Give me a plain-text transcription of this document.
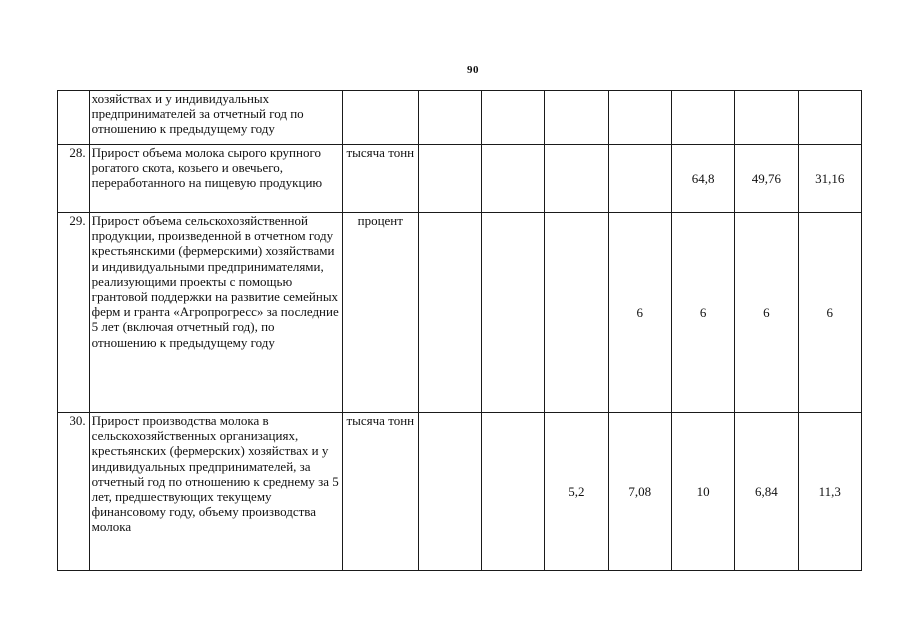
90
	хозяйствах и у индивидуальных предпринимателей за отчетный год по отношению к предыдущему году								
28.	Прирост объема молока сырого крупного рогатого скота, козьего и овечьего, переработанного на пищевую продукцию	тысяча тонн					64,8	49,76	31,16
29.	Прирост объема сельскохозяйственной продукции, произведенной в отчетном году крестьянскими (фермерскими) хозяйствами и индивидуальными предпринимателями, реализующими проекты с помощью грантовой поддержки на развитие семейных ферм и гранта «Агропрогресс» за последние 5 лет (включая отчетный год), по отношению к предыдущему году	процент				6	6	6	6
30.	Прирост производства молока в сельскохозяйственных организациях, крестьянских (фермерских) хозяйствах и у индивидуальных предпринимателей, за отчетный год по отношению к среднему за 5 лет, предшествующих текущему финансовому году, объему производства молока	тысяча тонн			5,2	7,08	10	6,84	11,3
